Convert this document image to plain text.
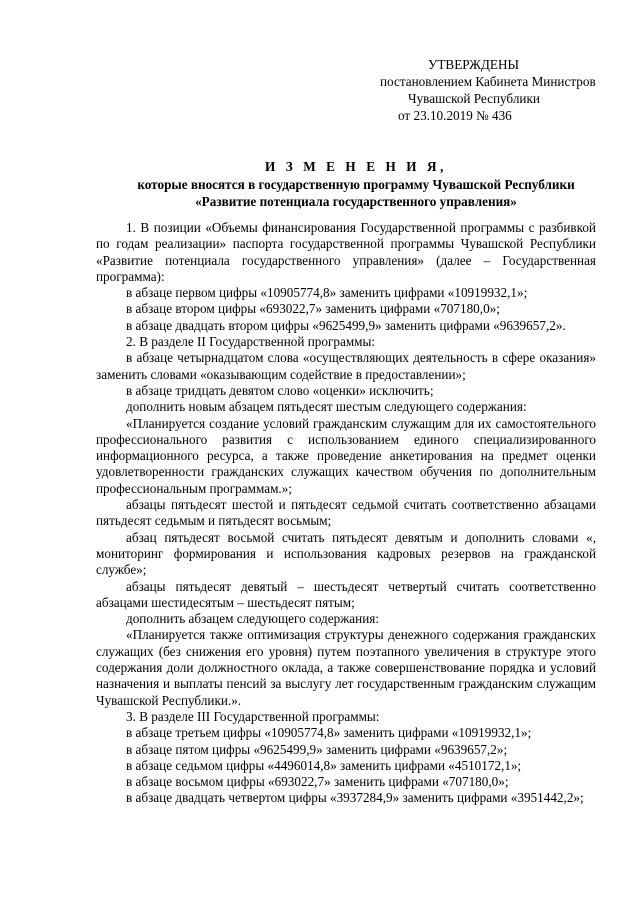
УТВЕРЖДЕНЫ
постановлением Кабинета Министров
Чувашской Республики
от 23.10.2019 № 436
И З М Е Н Е Н И Я,
которые вносятся в государственную программу Чувашской Республики
«Развитие потенциала государственного управления»

1. В позиции «Объемы финансирования Государственной программы с разбивкой по годам реализации» паспорта государственной программы Чувашской Республики «Развитие потенциала государственного управления» (далее – Государственная программа):

в абзаце первом цифры «10905774,8» заменить цифрами «10919932,1»;

в абзаце втором цифры «693022,7» заменить цифрами «707180,0»;

в абзаце двадцать втором цифры «9625499,9» заменить цифрами «9639657,2».

2. В разделе II Государственной программы:

в абзаце четырнадцатом слова «осуществляющих деятельность в сфере оказания» заменить словами «оказывающим содействие в предоставлении»;

в абзаце тридцать девятом слово «оценки» исключить;

дополнить новым абзацем пятьдесят шестым следующего содержания:

«Планируется создание условий гражданским служащим для их самостоятельного профессионального развития с использованием единого специализированного информационного ресурса, а также проведение анкетирования на предмет оценки удовлетворенности гражданских служащих качеством обучения по дополнительным профессиональным программам.»;

абзацы пятьдесят шестой и пятьдесят седьмой считать соответственно абзацами пятьдесят седьмым и пятьдесят восьмым;

абзац пятьдесят восьмой считать пятьдесят девятым и дополнить словами «, мониторинг формирования и использования кадровых резервов на гражданской службе»;

абзацы пятьдесят девятый – шестьдесят четвертый считать соответственно абзацами шестидесятым – шестьдесят пятым;

дополнить абзацем следующего содержания:

«Планируется также оптимизация структуры денежного содержания гражданских служащих (без снижения его уровня) путем поэтапного увеличения в структуре этого содержания доли должностного оклада, а также совершенствование порядка и условий назначения и выплаты пенсий за выслугу лет государственным гражданским служащим Чувашской Республики.».

3. В разделе III Государственной программы:

в абзаце третьем цифры «10905774,8» заменить цифрами «10919932,1»;

в абзаце пятом цифры «9625499,9» заменить цифрами «9639657,2»;

в абзаце седьмом цифры «4496014,8» заменить цифрами «4510172,1»;

в абзаце восьмом цифры «693022,7» заменить цифрами «707180,0»;

в абзаце двадцать четвертом цифры «3937284,9» заменить цифрами «3951442,2»;
